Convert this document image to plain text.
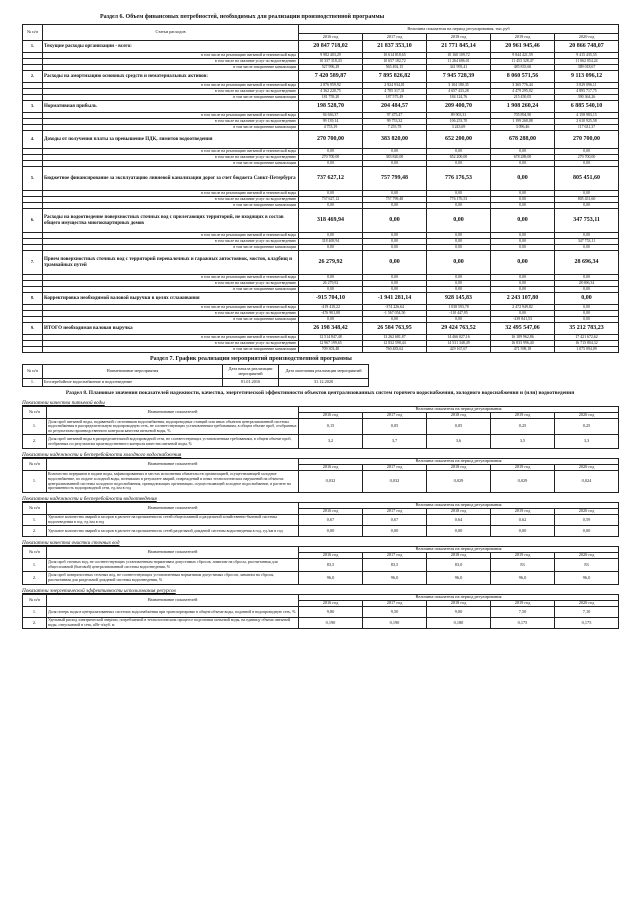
Раздел 6. Объем финансовых потребностей, необходимых для реализации производственной программы
№ п/п	Статьи расходов	Величина показателя на период регулирования, тыс.руб				
		2016 год	2017 год	2018 год	2019 год	2020 год
1.	Текущие расходы организации - всего:	20 847 718,02	21 837 353,10	21 771 845,14	20 961 945,46	20 866 748,07
	в том числе на реализацию питьевой и технической воды	9 982 403,29	10 614 818,65	10 160 109,72	9 844 421,59	9 415 435,55
	в том числе на оказание услуг по водоотведению	10 337 318,43	10 657 182,72	11 264 686,01	11 453 328,47	11 062 054,24
	в том числе захоронение канализации	527 996,29	565 492,15	341 995,41	485 835,60	389 018,67
2.	Расходы на амортизацию основных средств и нематериальных активов:	7 420 589,87	7 895 826,82	7 945 728,39	8 060 571,56	9 113 096,12
	в том числе на реализацию питьевой и технической воды	2 876 959,92	2 924 934,01	3 104 180,35	3 365 776,44	3 829 096,11
	в том числе на оказание услуг по водоотведению	4 362 220,75	4 785 317,31	4 657 433,28	4 479 295,02	4 895 717,75
	в том числе захоронение канализации	181 759,20	187 575,49	184 124,76	215 450,05	390 364,26
3.	Нормативная прибыль	198 528,70	204 484,57	209 400,70	1 908 260,24	6 885 540,10
	в том числе на реализацию питьевой и технической воды	94 636,37	97 475,47	89 903,31	705 894,90	4 158 983,15
	в том числе на оказание услуг по водоотведению	99 139,14	99 753,32	106 253,70	1 199 268,88	2 610 925,58
	в том числе захоронение канализации	4 753,19	7 255,78	3 243,69	3 096,46	117 631,37
4.	Доходы от получения платы за превышение ПДК, лимитов водоотведения	270 700,00	383 820,00	652 200,00	678 288,00	270 700,00
	в том числе на реализацию питьевой и технической воды	0,00	0,00	0,00	0,00	0,00
	в том числе на оказание услуг по водоотведению	270 700,00	383 820,00	652 200,00	678 288,00	270 700,00
	в том числе захоронение канализации	0,00	0,00	0,00	0,00	0,00
5.	Бюджетное финансирование за эксплуатацию ливневой канализации дорог за счет бюджета Санкт-Петербурга	737 627,12	757 799,48	776 176,53	0,00	805 451,60
	в том числе на реализацию питьевой и технической воды	0,00	0,00	0,00	0,00	0,00
	в том числе на оказание услуг по водоотведению	737 627,12	757 799,48	776 176,53	0,00	805 451,60
	в том числе захоронение канализации	0,00	0,00	0,00	0,00	0,00
6.	Расходы на водоотведение поверхностных сточных вод с прилегающих территорий, не входящих в состав общего имущества многоквартирных домов	318 469,94	0,00	0,00	0,00	347 753,11
	в том числе на реализацию питьевой и технической воды	0,00	0,00	0,00	0,00	0,00
	в том числе на оказание услуг по водоотведению	318 469,94	0,00	0,00	0,00	347 753,11
	в том числе захоронение канализации	0,00	0,00	0,00	0,00	0,00
7.	Прием поверхностных сточных вод с территорий перевалочных и гаражных автостоянок, мостов, кладбищ и трамвайных путей	26 279,92	0,00	0,00	0,00	28 696,34
	в том числе на реализацию питьевой и технической воды	0,00	0,00	0,00	0,00	0,00
	в том числе на оказание услуг по водоотведению	26 279,92	0,00	0,00	0,00	28 696,34
	в том числе захоронение канализации	0,00	0,00	0,00	0,00	0,00
8.	Корректировка необходимой валовой выручки в целях сглаживания	-915 704,10	-1 941 281,14	928 145,83	2 243 107,80	0,00
	в том числе на реализацию питьевой и технической воды	-419 410,22	-374 226,64	1 038 593,78	2 472 949,82	0,00
	в том числе на оказание услуг по водоотведению	-476 901,08	-1 567 054,50	-110 447,95	0,00	0,00
	в том числе захоронение канализации	0,00	0,00	0,00	-239 841,53	0,00
9.	ИТОГО необходимая валовая выручка	26 198 348,42	26 584 763,95	29 424 763,52	32 495 547,06	35 212 783,23
	в том числе на реализацию питьевой и технической воды	12 514 847,48	13 262 681,87	14 466 027,16	16 189 962,86	17 421 672,62
	в том числе на оказание услуг по водоотведению	12 967 199,65	12 832 598,44	14 531 348,49	16 833 996,40	16 715 804,32
	в том числе захоронение канализации	709 303,48	760 483,62	429 167,67	471 598,18	1 075 094,09
Раздел 7. График реализации мероприятий производственной программы
№ п/п	Наименование мероприятия	Дата начала реализации мероприятий	Дата окончания реализации мероприятий
1.	Бесперебойное водоснабжение и водоотведение	01.01.2016	31.12.2020
Раздел 8. Плановые значения показателей надежности, качества, энергетической эффективности объектов централизованных систем горячего водоснабжения, холодного водоснабжения и (или) водоотведения
Показатели качества питьевой воды
№ п/п	Наименование показателей	Величина показателя на период регулирования				
		2016 год	2017 год	2018 год	2019 год	2020 год
1.	Доля проб питьевой воды, подаваемой с источников водоснабжения, водопроводных станций или иных объектов централизованной системы водоснабжения в распределительную водопроводную сеть, не соответствующих установленным требованиям, в общем объеме проб, отобранных по результатам производственного контроля качества питьевой воды, %	0,15	0,05	0,05	0,25	0,25
2.	Доля проб питьевой воды в распределительной водопроводной сети, не соответствующих установленным требованиям, в общем объеме проб, отобранных по результатам производственного контроля качества питьевой воды, %	3,2	3,7	3,6	3,5	3,3
Показатели надежности и бесперебойности холодного водоснабжения
№ п/п	Наименование показателей	Величина показателя на период регулирования				
		2016 год	2017 год	2018 год	2019 год	2020 год
1.	Количество перерывов в подаче воды, зафиксированных в местах исполнения обязательств организацией, осуществляющей холодное водоснабжение, по подаче холодной воды, возникших в результате аварий, повреждений и иных технологических нарушений на объектах централизованной системы холодного водоснабжения, принадлежащих организации, осуществляющей холодное водоснабжение, в расчете на протяженность водопроводной сети, ед./км в год	0,032	0,032	0,029	0,029	0,024
Показатели надежности и бесперебойности водоотведения
№ п/п	Наименование показателей	Величина показателя на период регулирования				
		2016 год	2017 год	2018 год	2019 год	2020 год
1.	Удельное количество аварий и засоров в расчете на протяженность сетей общесплавной и раздельной хозяйственно-бытовой системы водоотведения в год, ед./км в год	0,67	0,67	0,64	0,62	0,59
2.	Удельное количество аварий и засоров в расчете на протяженность сетей раздельной дождевой системы водоотведения в год, ед./км в год	0,00	0,00	0,00	0,00	0,00
Показатели качества очистки сточных вод
№ п/п	Наименование показателей	Величина показателя на период регулирования				
		2016 год	2017 год	2018 год	2019 год	2020 год
1.	Доля проб сточных вод, не соответствующих установленным нормативам допустимых сбросов, лимитам на сбросы, рассчитанная для общесплавной (бытовой) централизованной системы водоотведения, %	83,5	83,5	83,0	83	83
2.	Доля проб поверхностных сточных вод, не соответствующих установленным нормативам допустимых сбросов, лимитам на сбросы, рассчитанная для раздельной дождевой системы водоотведения, %	96,0	96,0	96,0	96,0	96,0
Показатели энергетической эффективности использования ресурсов
№ п/п	Наименование показателей	Величина показателя на период регулирования				
		2016 год	2017 год	2018 год	2019 год	2020 год
1.	Доля потерь воды в централизованных системах водоснабжения при транспортировке в общем объеме воды, поданной в водопроводную сеть, %	9,80	9,50	9,00	7,50	7,10
2.	Удельный расход электрической энергии, потребляемой в технологическом процессе подготовки питьевой воды, на единицу объема питьевой воды, отпускаемой в сеть, кВт·ч/куб. м	0,190	0,190	0,180	0,175	0,175
